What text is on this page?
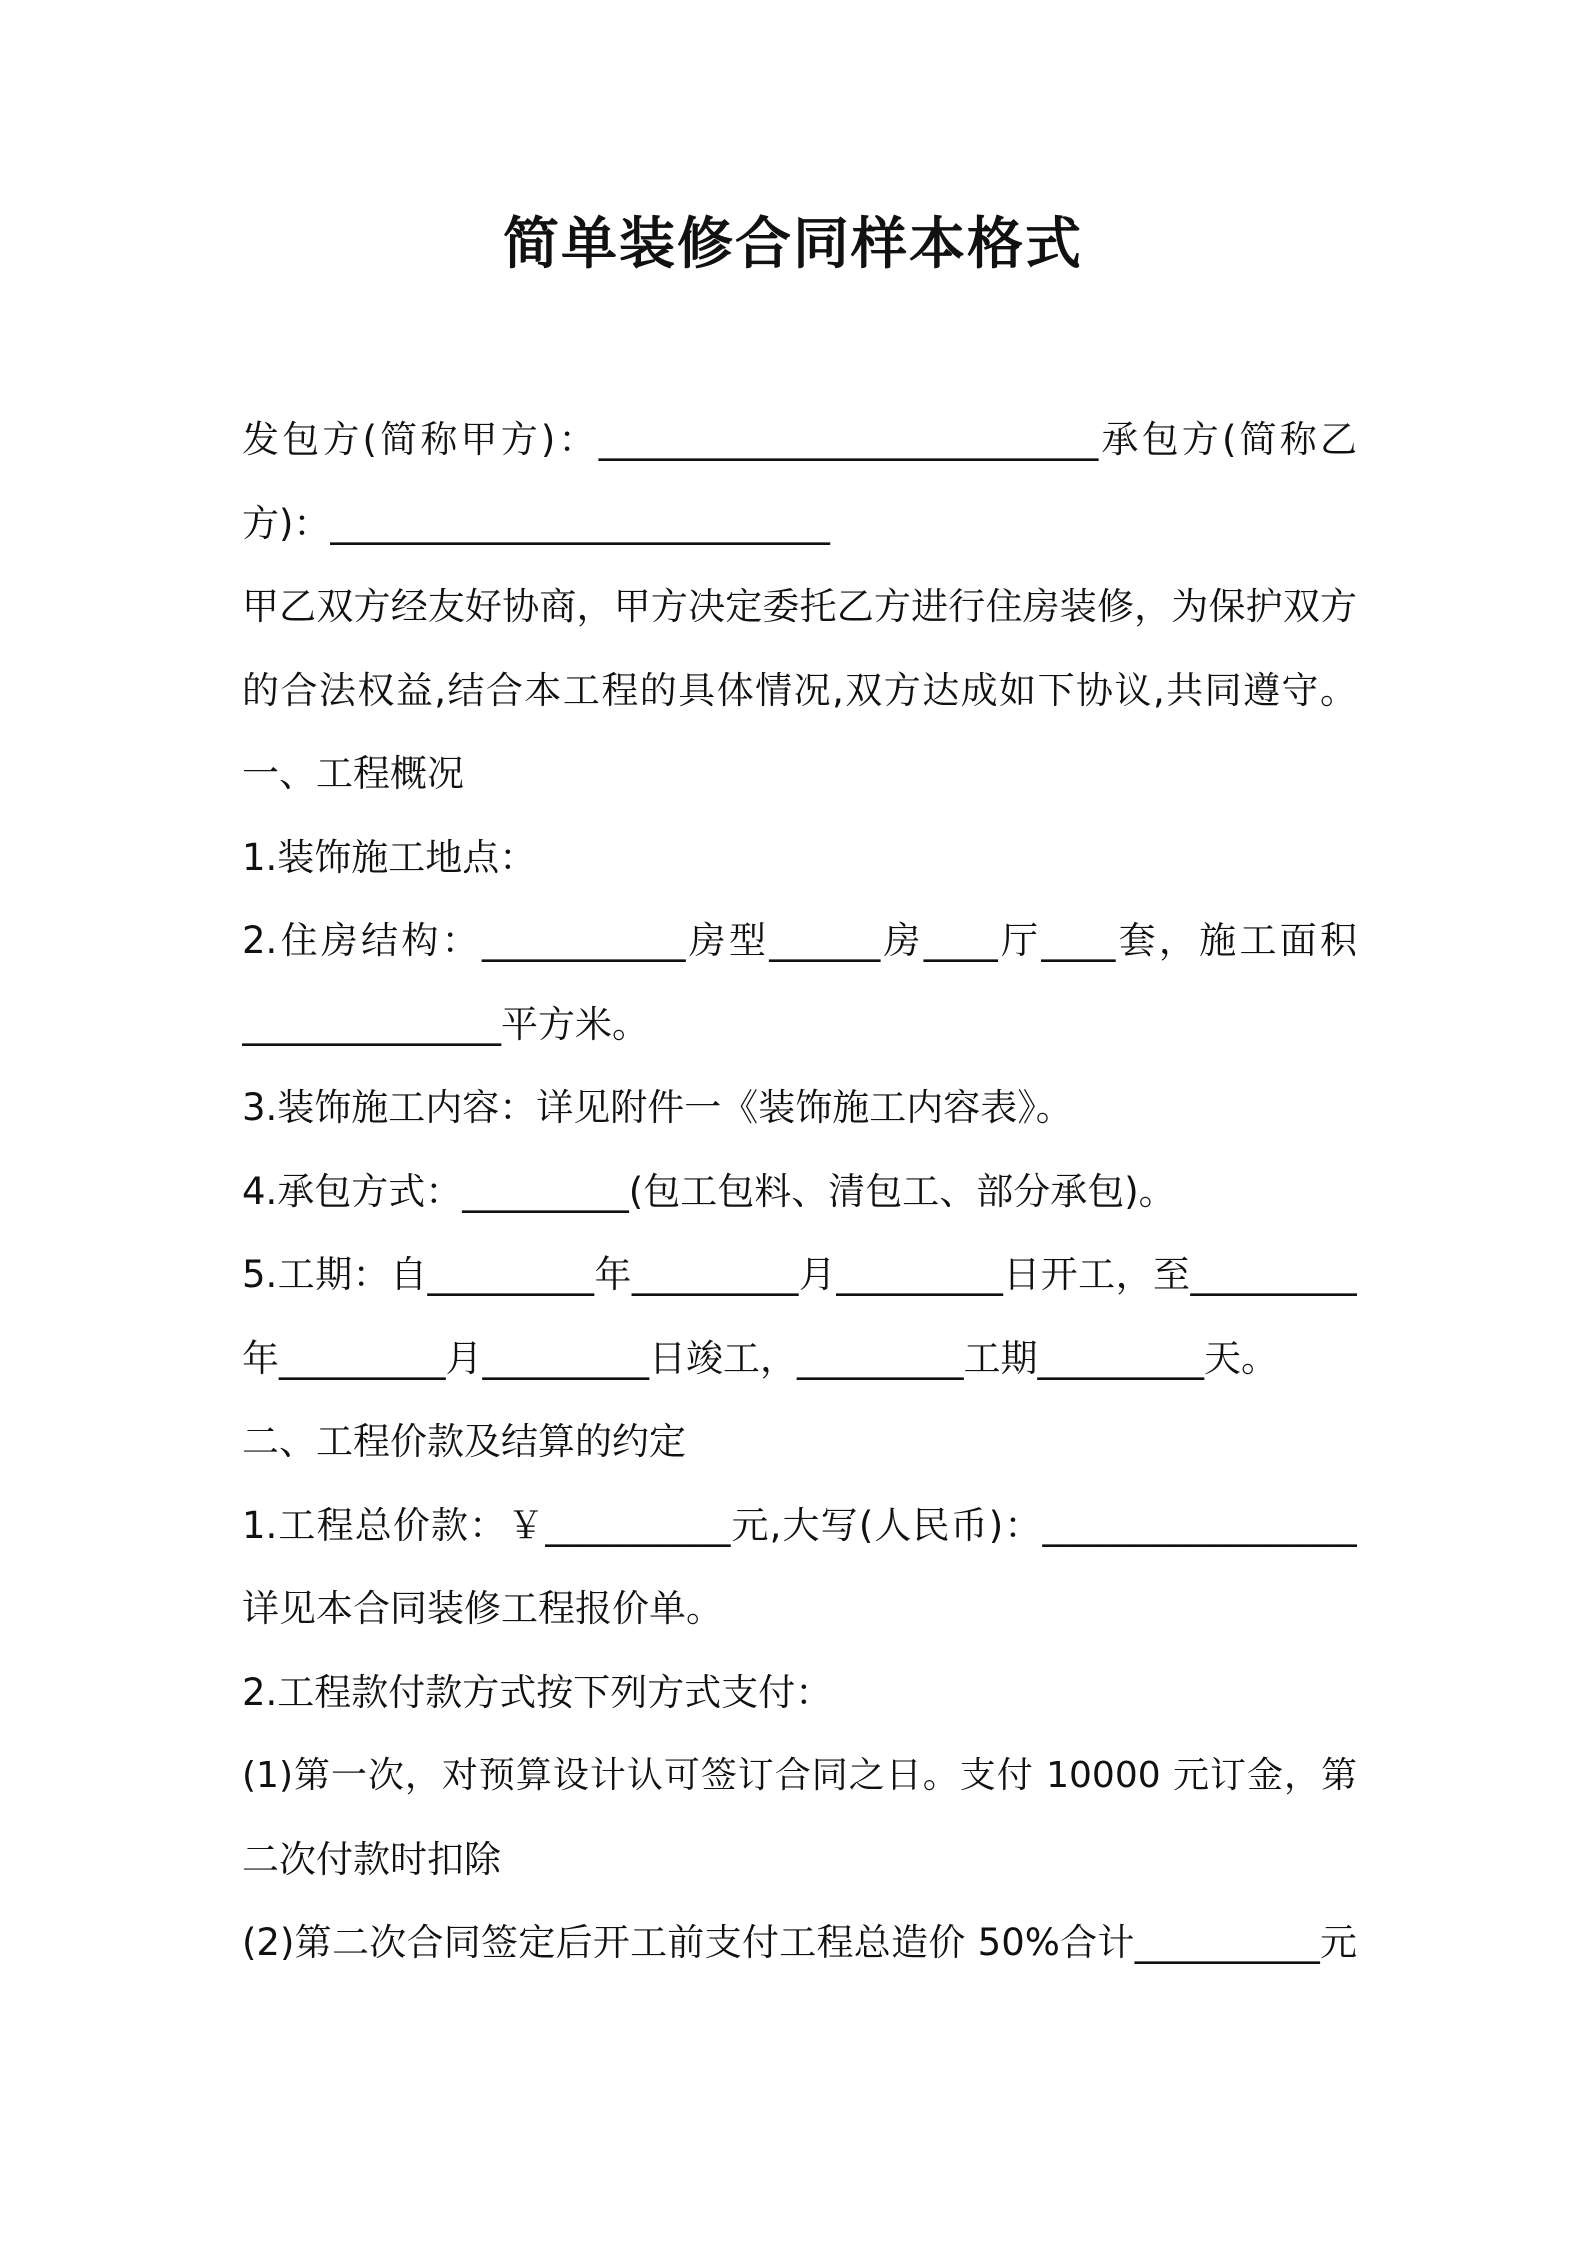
简单装修合同样本格式
发包方(简称甲方)：___________________________承包方(简称乙
方)：___________________________
甲乙双方经友好协商，甲方决定委托乙方进行住房装修，为保护双方
的合法权益,结合本工程的具体情况,双方达成如下协议,共同遵守。
一、工程概况
1.装饰施工地点：
2.住房结构：___________房型______房____厅____套，施工面积
______________平方米。
3.装饰施工内容：详见附件一《装饰施工内容表》。
4.承包方式：_________(包工包料、清包工、部分承包)。
5.工期：自_________年_________月_________日开工，至_________
年_________月_________日竣工，_________工期_________天。
二、工程价款及结算的约定
1.工程总价款：￥__________元,大写(人民币)：_________________
详见本合同装修工程报价单。
2.工程款付款方式按下列方式支付：
(1)第一次，对预算设计认可签订合同之日。支付 10000 元订金，第
二次付款时扣除
(2)第二次合同签定后开工前支付工程总造价 50%合计__________元
